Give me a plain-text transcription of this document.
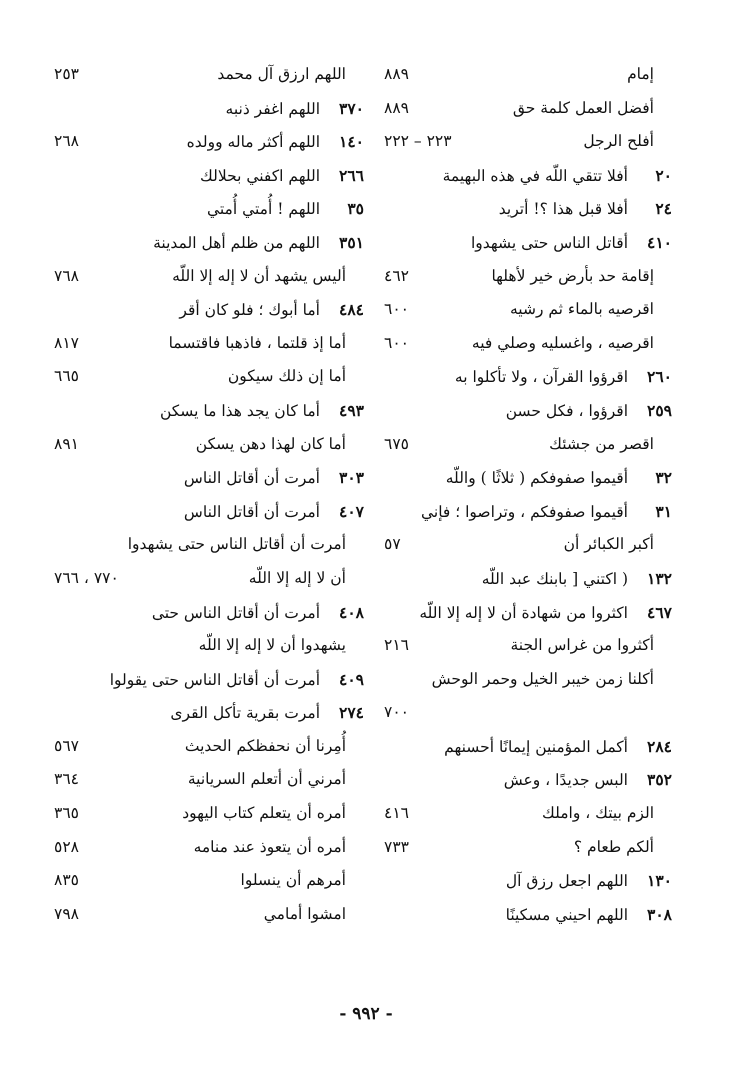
إمام
٨٨٩
أفضل العمل كلمة حق
٨٨٩
أفلح الرجل
٢٢٣ – ٢٢٢
٢٠أفلا تتقي اللّه في هذه البهيمة
٢٤أفلا قبل هذا ؟! أتريد
٤١٠أقاتل الناس حتى يشهدوا
إقامة حد بأرض خير لأهلها
٤٦٢
اقرصيه بالماء ثم رشيه
٦٠٠
اقرصيه ، واغسليه وصلي فيه
٦٠٠
٢٦٠اقرؤوا القرآن ، ولا تأكلوا به
٢٥٩اقرؤوا ، فكل حسن
اقصر من جشئك
٦٧٥
٣٢أقيموا صفوفكم ( ثلاثًا ) واللّه
٣١أقيموا صفوفكم ، وتراصوا ؛ فإني
أكبر الكبائر أن
٥٧
١٣٢( اكتني [ بابنك عبد اللّه
٤٦٧اكثروا من شهادة أن لا إله إلا اللّه
أكثروا من غراس الجنة
٢١٦
أكلنا زمن خيبر الخيل وحمر الوحش
٧٠٠
٢٨٤أكمل المؤمنين إيمانًا أحسنهم
٣٥٢البس جديدًا ، وعش
الزم بيتك ، واملك
٤١٦
ألكم طعام ؟
٧٣٣
١٣٠اللهم اجعل رزق آل
٣٠٨اللهم احيني مسكينًا
اللهم ارزق آل محمد
٢٥٣
٣٧٠اللهم اغفر ذنبه
١٤٠اللهم أكثر ماله وولده
٢٦٨
٢٦٦اللهم اكفني بحلالك
٣٥اللهم ! أُمتي أُمتي
٣٥١اللهم من ظلم أهل المدينة
أليس يشهد أن لا إله إلا اللّه
٧٦٨
٤٨٤أما أبوك ؛ فلو كان أقر
أما إذ قلتما ، فاذهبا فاقتسما
٨١٧
أما إن ذلك سيكون
٦٦٥
٤٩٣أما كان يجد هذا ما يسكن
أما كان لهذا دهن يسكن
٨٩١
٣٠٣أمرت أن أقاتل الناس
٤٠٧أمرت أن أقاتل الناس
أمرت أن أقاتل الناس حتى يشهدوا
أن لا إله إلا اللّه
٧٧٠ ، ٧٦٦
٤٠٨أمرت أن أقاتل الناس حتى
يشهدوا أن لا إله إلا اللّه
٤٠٩أمرت أن أقاتل الناس حتى يقولوا
٢٧٤أمرت بقرية تأكل القرى
أُمِرنا أن نحفظكم الحديث
٥٦٧
أمرني أن أتعلم السريانية
٣٦٤
أمره أن يتعلم كتاب اليهود
٣٦٥
أمره أن يتعوذ عند منامه
٥٢٨
أمرهم أن ينسلوا
٨٣٥
امشوا أمامي
٧٩٨
- ٩٩٢ -
